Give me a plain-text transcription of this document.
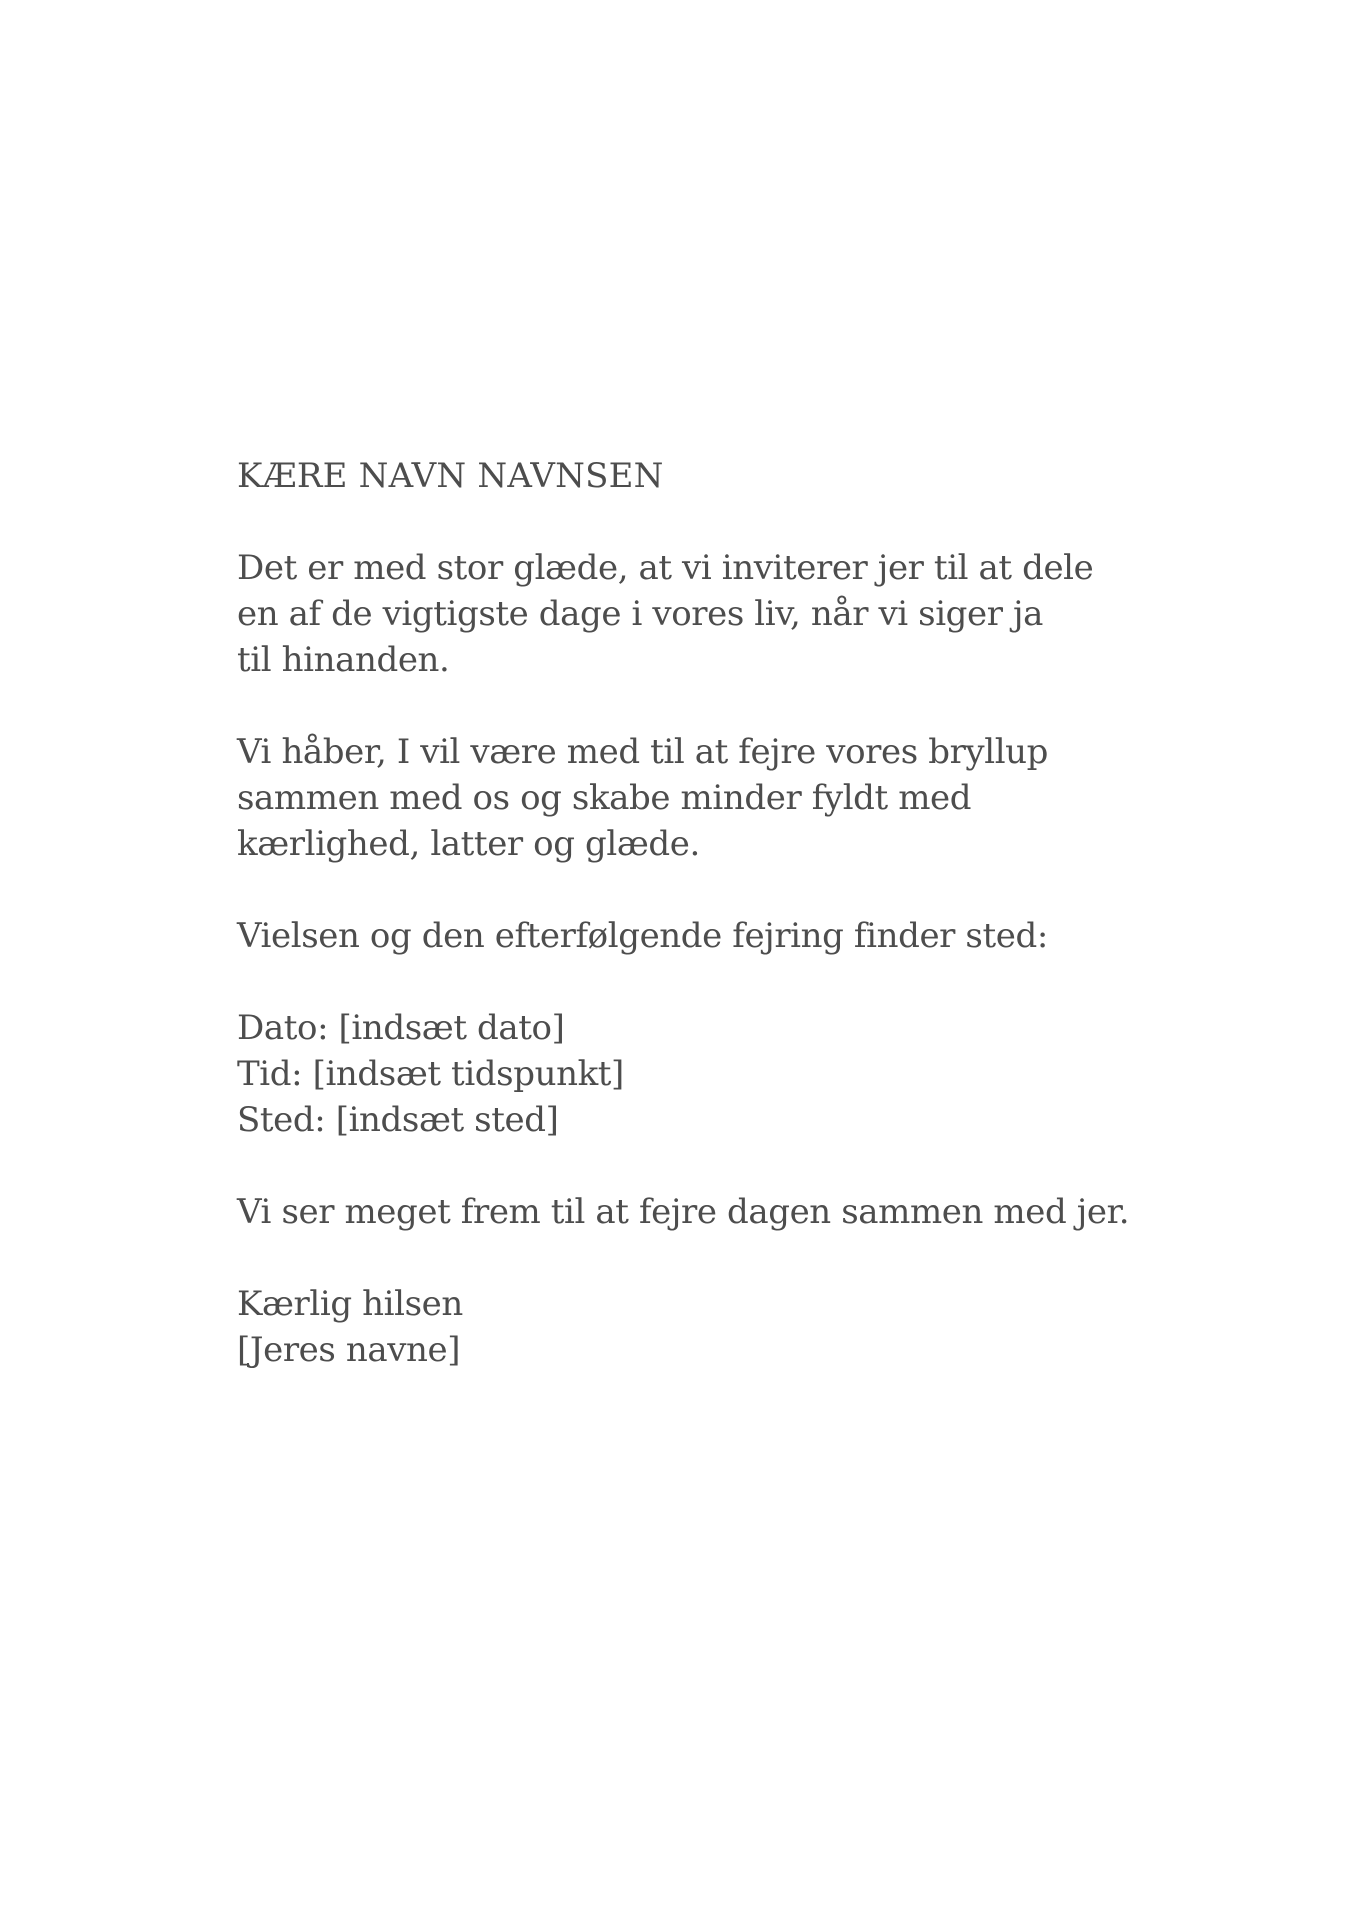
KÆRE NAVN NAVNSEN
Det er med stor glæde, at vi inviterer jer til at dele
en af de vigtigste dage i vores liv, når vi siger ja
til hinanden.
Vi håber, I vil være med til at fejre vores bryllup
sammen med os og skabe minder fyldt med
kærlighed, latter og glæde.
Vielsen og den efterfølgende fejring finder sted:
Dato: [indsæt dato]
Tid: [indsæt tidspunkt]
Sted: [indsæt sted]
Vi ser meget frem til at fejre dagen sammen med jer.
Kærlig hilsen
[Jeres navne]
